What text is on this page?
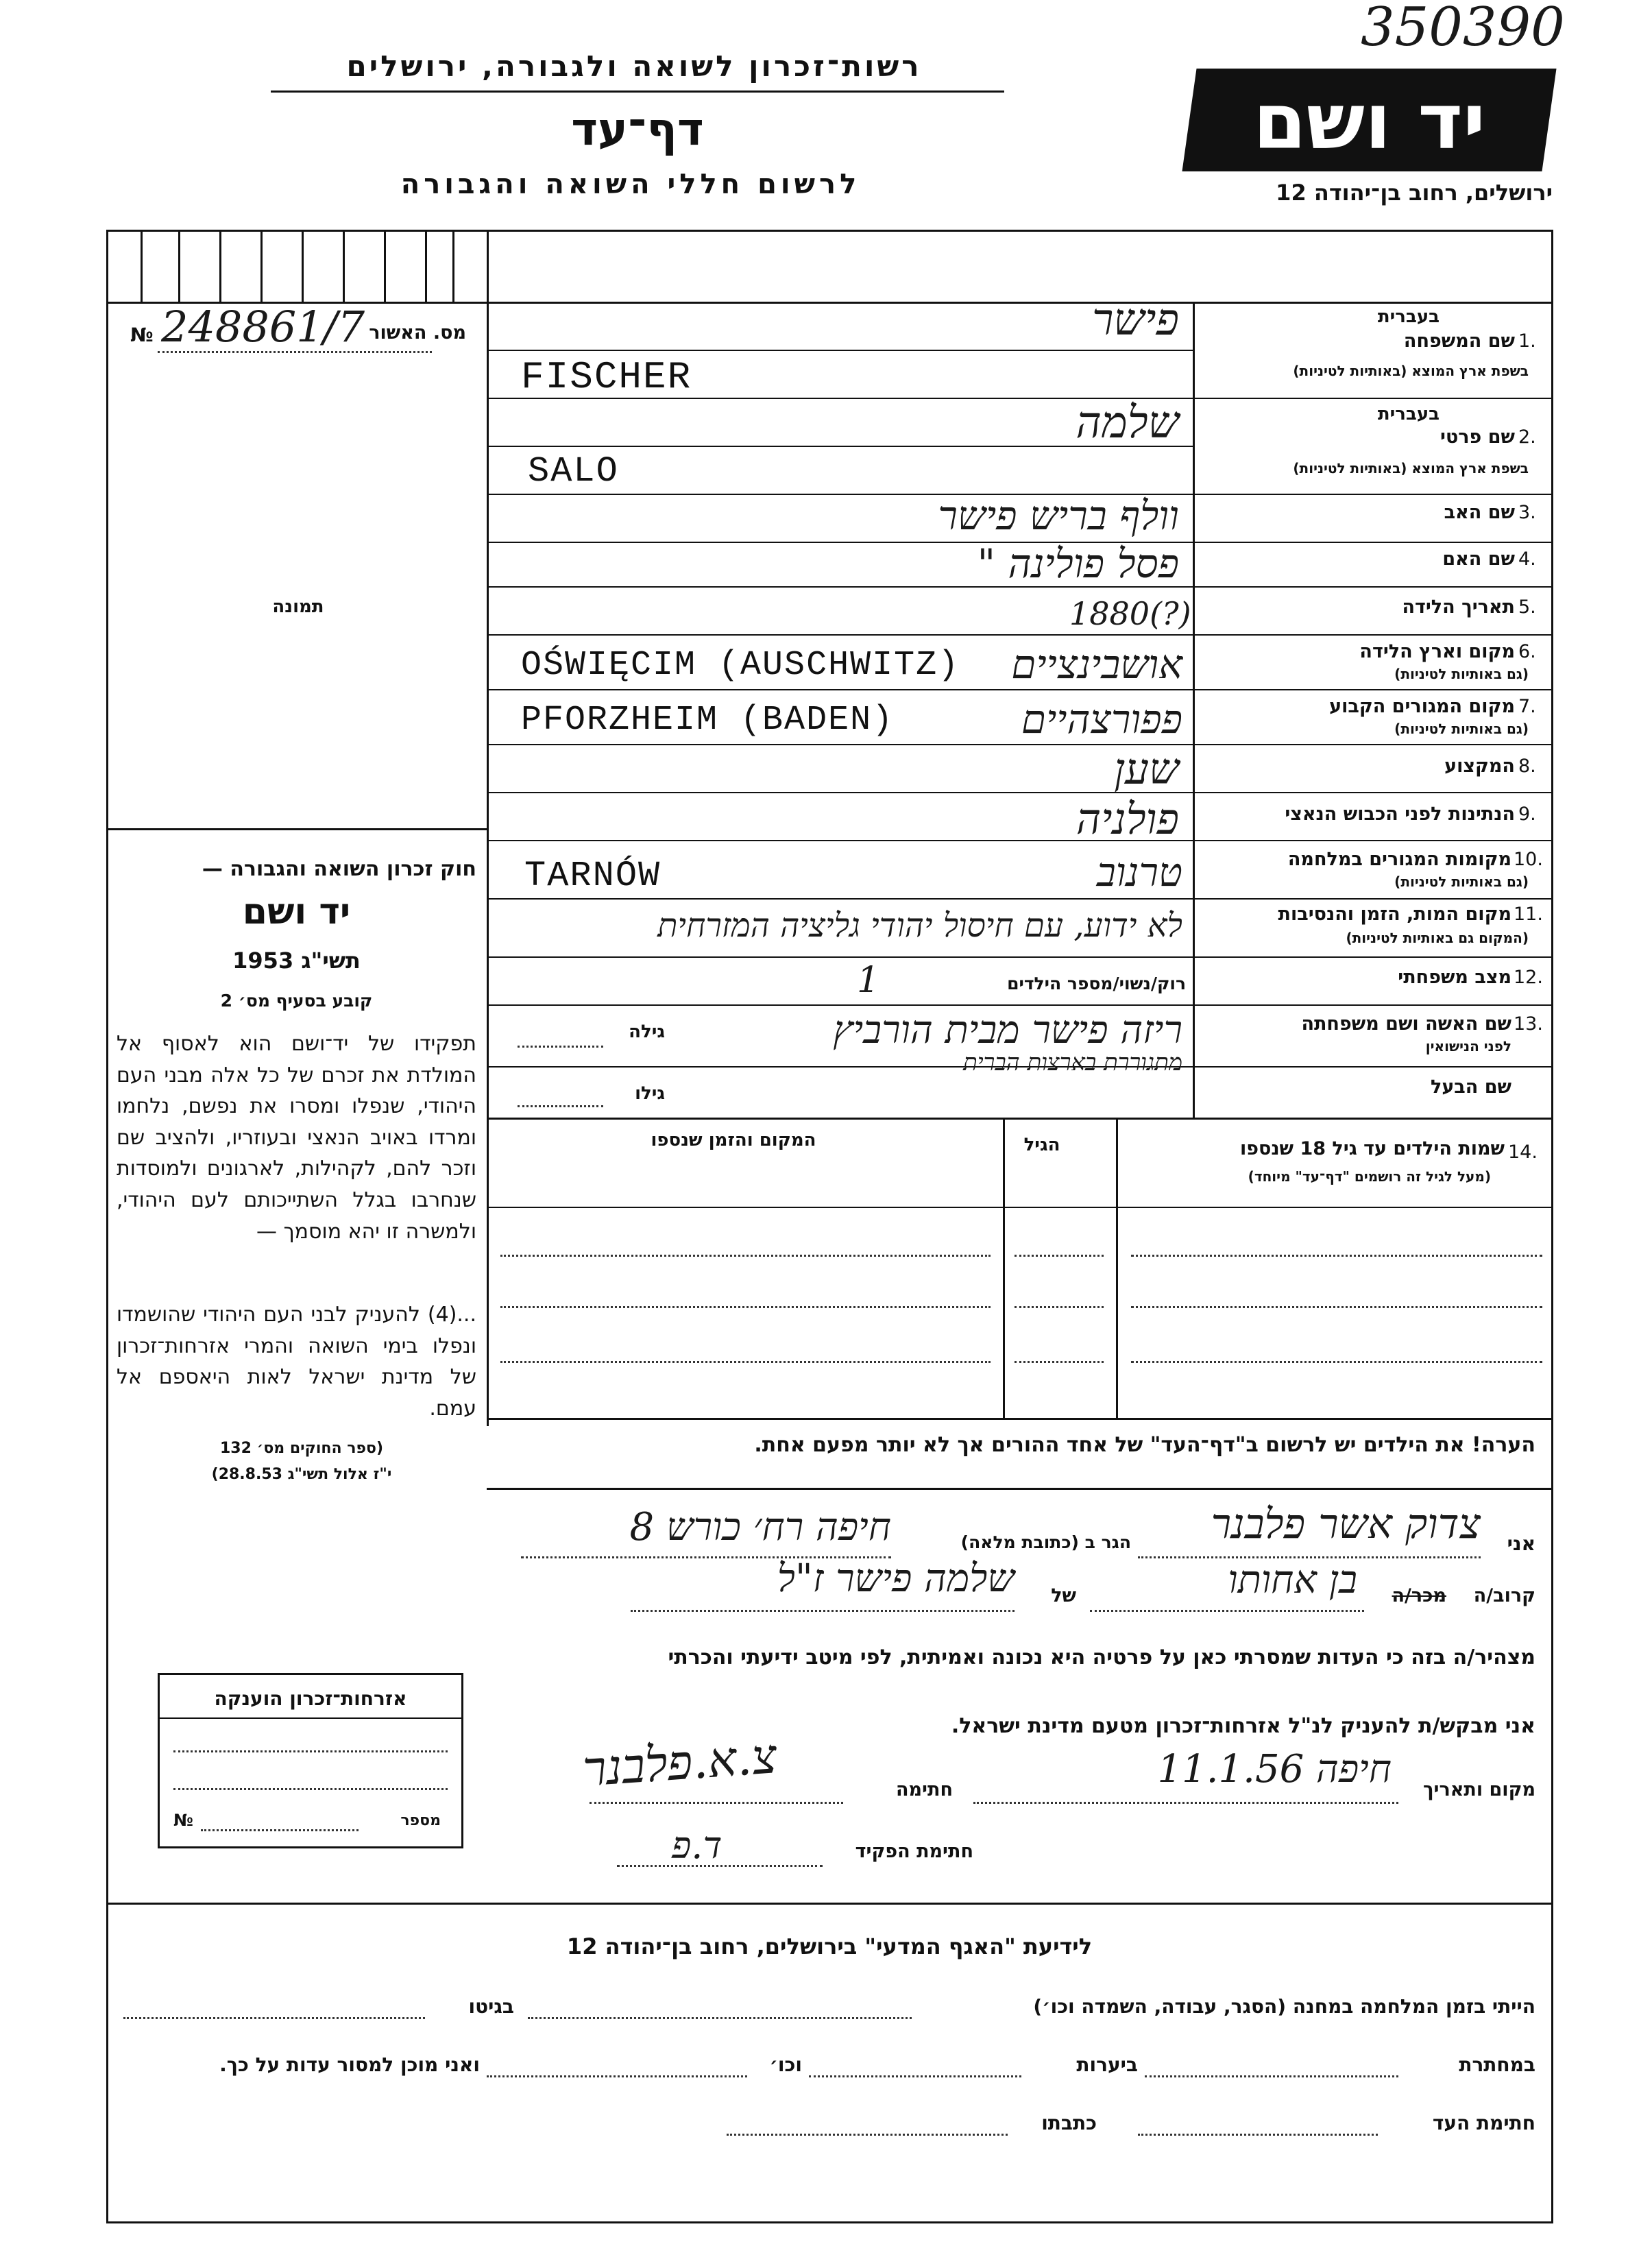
350390
רשות־זכרון לשואה ולגבורה, ירושלים
דף־עד
לרשום חללי השואה והגבורה
יד ושם
ירושלים, רחוב בן־יהודה 12
מס. האשור
№ 248861/7
תמונה
חוק זכרון השואה והגבורה —
יד ושם
תשי"ג 1953
קובע בסעיף מס׳ 2
תפקידו של יד־ושם הוא לאסוף אל המולדת את זכרם של כל אלה מבני העם היהודי, שנפלו ומסרו את נפשם, נלחמו ומרדו באויב הנאצי ובעוזריו, ולהציב שם וזכר להם, לקהילות, לארגונים ולמוסדות שנחרבו בגלל השתייכותם לעם היהודי, ולמשרה זו יהא מוסמך —
...(4) להעניק לבני העם היהודי שהושמדו ונפלו בימי השואה והמרי אזרחות־זכרון של מדינת ישראל לאות היאספם אל עמם.
(ספר החוקים מס׳ 132
י"ז אלול תשי"ג 28.8.53)
1.
שם המשפחה
בעברית
בשפת ארץ המוצא (באותיות לטיניות)
פישר
FISCHER
2.
שם פרטי
בעברית
בשפת ארץ המוצא (באותיות לטיניות)
שלמה
SALO
3.
שם האב
וולף בריש פישר
4.
שם האם
פסל פולינה "
5.
תאריך הלידה
1880(?)
6.
מקום וארץ הלידה
(גם באותיות לטיניות)
OŚWIĘCIM (AUSCHWITZ)	אושבינציים
7.
מקום המגורים הקבוע
(גם באותיות לטיניות)
PFORZHEIM (BADEN)	פפורצהיים
8.
המקצוע
שען
9.
הנתינות לפני הכבוש הנאצי
פולניה
10.
מקומות המגורים במלחמה
(גם באותיות לטיניות)
TARNÓW	טרנוב
11.
מקום המות, הזמן והנסיבות
(המקום גם באותיות לטיניות)
לא ידוע, עם חיסול יהודי גליציה המזרחית
12.
מצב משפחתי
רוק/נשוי/מספר הילדים
1
13.
שם האשה ושם משפחתה
לפני הנישואין
גילה	ריזה פישר מבית הורביץ
מתגוררת בארצות הברית
שם הבעל
גילו
14.
שמות הילדים עד גיל 18 שנספו
(מעל לגיל זה רושמים "דף־עד" מיוחד)
הגיל
המקום והזמן שנספו
הערה! את הילדים יש לרשום ב"דף־העד" של אחד ההורים אך לא יותר מפעם אחת.
אני
צדוק אשר פלבנר
הגר ב (כתובת מלאה)
חיפה רח׳ כורש 8
קרוב/ה
מכר/ה
בן אחותו
של
שלמה פישר ז"ל
מצהיר/ה בזה כי העדות שמסרתי כאן על פרטיה היא נכונה ואמיתית, לפי מיטב ידיעתי והכרתי
אני מבקש/ת להעניק לנ"ל אזרחות־זכרון מטעם מדינת ישראל.
מקום ותאריך
חיפה 11.1.56
חתימה
צ.א.פלבנר
חתימת הפקיד
ד.פ
אזרחות־זכרון הוענקה
מספר
№
לידיעת "האגף המדעי" בירושלים, רחוב בן־יהודה 12
הייתי בזמן המלחמה במחנה (הסגר, עבודה, השמדה וכו׳)
בגיטו
במחתרת
ביערות
וכו׳
ואני מוכן למסור עדות על כך.
חתימת העד
כתבתו
